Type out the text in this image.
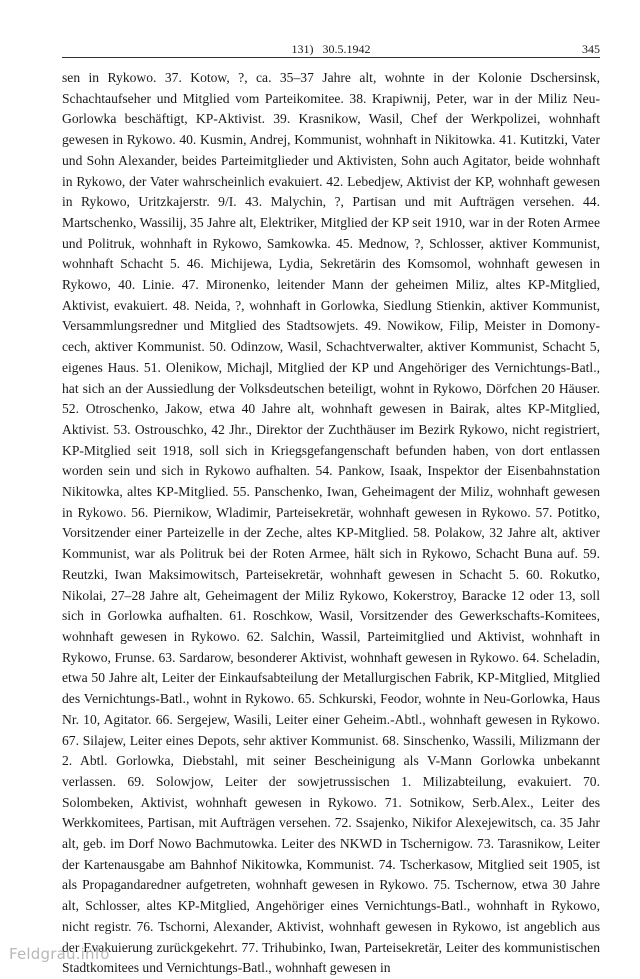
131) 30.5.1942	345

sen in Rykowo. 37. Kotow, ?, ca. 35–37 Jahre alt, wohnte in der Kolonie Dschersinsk, Schachtaufseher und Mitglied vom Parteikomitee. 38. Krapiwnij, Peter, war in der Miliz Neu-Gorlowka beschäftigt, KP-Aktivist. 39. Krasnikow, Wasil, Chef der Werkpolizei, wohnhaft gewesen in Rykowo. 40. Kusmin, Andrej, Kommunist, wohnhaft in Nikitowka. 41. Kutitzki, Vater und Sohn Alexander, beides Parteimitglieder und Aktivisten, Sohn auch Agitator, beide wohnhaft in Rykowo, der Vater wahrscheinlich evakuiert. 42. Lebedjew, Aktivist der KP, wohnhaft gewesen in Rykowo, Uritzkajerstr. 9/I. 43. Malychin, ?, Partisan und mit Aufträgen versehen. 44. Martschenko, Wassilij, 35 Jahre alt, Elektriker, Mitglied der KP seit 1910, war in der Roten Armee und Politruk, wohnhaft in Rykowo, Samkowka. 45. Mednow, ?, Schlosser, aktiver Kommunist, wohnhaft Schacht 5. 46. Michijewa, Lydia, Sekretärin des Komsomol, wohnhaft gewesen in Rykowo, 40. Linie. 47. Mironenko, leitender Mann der geheimen Miliz, altes KP-Mitglied, Aktivist, evakuiert. 48. Neida, ?, wohnhaft in Gorlowka, Siedlung Stienkin, aktiver Kommunist, Versammlungsredner und Mitglied des Stadtsowjets. 49. Nowikow, Filip, Meister in Domony-cech, aktiver Kommunist. 50. Odinzow, Wasil, Schachtverwalter, aktiver Kommunist, Schacht 5, eigenes Haus. 51. Olenikow, Michajl, Mitglied der KP und Angehöriger des Vernichtungs-Batl., hat sich an der Aussiedlung der Volksdeutschen beteiligt, wohnt in Rykowo, Dörfchen 20 Häuser. 52. Otroschenko, Jakow, etwa 40 Jahre alt, wohnhaft gewesen in Bairak, altes KP-Mitglied, Aktivist. 53. Ostrouschko, 42 Jhr., Direktor der Zuchthäuser im Bezirk Rykowo, nicht registriert, KP-Mitglied seit 1918, soll sich in Kriegsgefangenschaft befunden haben, von dort entlassen worden sein und sich in Rykowo aufhalten. 54. Pankow, Isaak, Inspektor der Eisenbahnstation Nikitowka, altes KP-Mitglied. 55. Panschenko, Iwan, Geheimagent der Miliz, wohnhaft gewesen in Rykowo. 56. Piernikow, Wladimir, Parteisekretär, wohnhaft gewesen in Rykowo. 57. Potitko, Vorsitzender einer Parteizelle in der Zeche, altes KP-Mitglied. 58. Polakow, 32 Jahre alt, aktiver Kommunist, war als Politruk bei der Roten Armee, hält sich in Rykowo, Schacht Buna auf. 59. Reutzki, Iwan Maksimowitsch, Parteisekretär, wohnhaft gewesen in Schacht 5. 60. Rokutko, Nikolai, 27–28 Jahre alt, Geheimagent der Miliz Rykowo, Kokerstroy, Baracke 12 oder 13, soll sich in Gorlowka aufhalten. 61. Roschkow, Wasil, Vorsitzender des Gewerkschafts-Komitees, wohnhaft gewesen in Rykowo. 62. Salchin, Wassil, Parteimitglied und Aktivist, wohnhaft in Rykowo, Frunse. 63. Sardarow, besonderer Aktivist, wohnhaft gewesen in Rykowo. 64. Scheladin, etwa 50 Jahre alt, Leiter der Einkaufsabteilung der Metallurgischen Fabrik, KP-Mitglied, Mitglied des Vernichtungs-Batl., wohnt in Rykowo. 65. Schkurski, Feodor, wohnte in Neu-Gorlowka, Haus Nr. 10, Agitator. 66. Sergejew, Wasili, Leiter einer Geheim.-Abtl., wohnhaft gewesen in Rykowo. 67. Silajew, Leiter eines Depots, sehr aktiver Kommunist. 68. Sinschenko, Wassili, Milizmann der 2. Abtl. Gorlowka, Diebstahl, mit seiner Bescheinigung als V-Mann Gorlowka unbekannt verlassen. 69. Solowjow, Leiter der sowjetrussischen 1. Milizabteilung, evakuiert. 70. Solombeken, Aktivist, wohnhaft gewesen in Rykowo. 71. Sotnikow, Serb.Alex., Leiter des Werkkomitees, Partisan, mit Aufträgen versehen. 72. Ssajenko, Nikifor Alexejewitsch, ca. 35 Jahr alt, geb. im Dorf Nowo Bachmutowka. Leiter des NKWD in Tschernigow. 73. Tarasnikow, Leiter der Kartenausgabe am Bahnhof Nikitowka, Kommunist. 74. Tscherkasow, Mitglied seit 1905, ist als Propagandaredner aufgetreten, wohnhaft gewesen in Rykowo. 75. Tschernow, etwa 30 Jahre alt, Schlosser, altes KP-Mitglied, Angehöriger eines Vernichtungs-Batl., wohnhaft in Rykowo, nicht registr. 76. Tschorni, Alexander, Aktivist, wohnhaft gewesen in Rykowo, ist angeblich aus der Evakuierung zurückgekehrt. 77. Trihubinko, Iwan, Parteisekretär, Leiter des kommunistischen Stadtkomitees und Vernichtungs-Batl., wohnhaft gewesen in

Feldgrau.info
